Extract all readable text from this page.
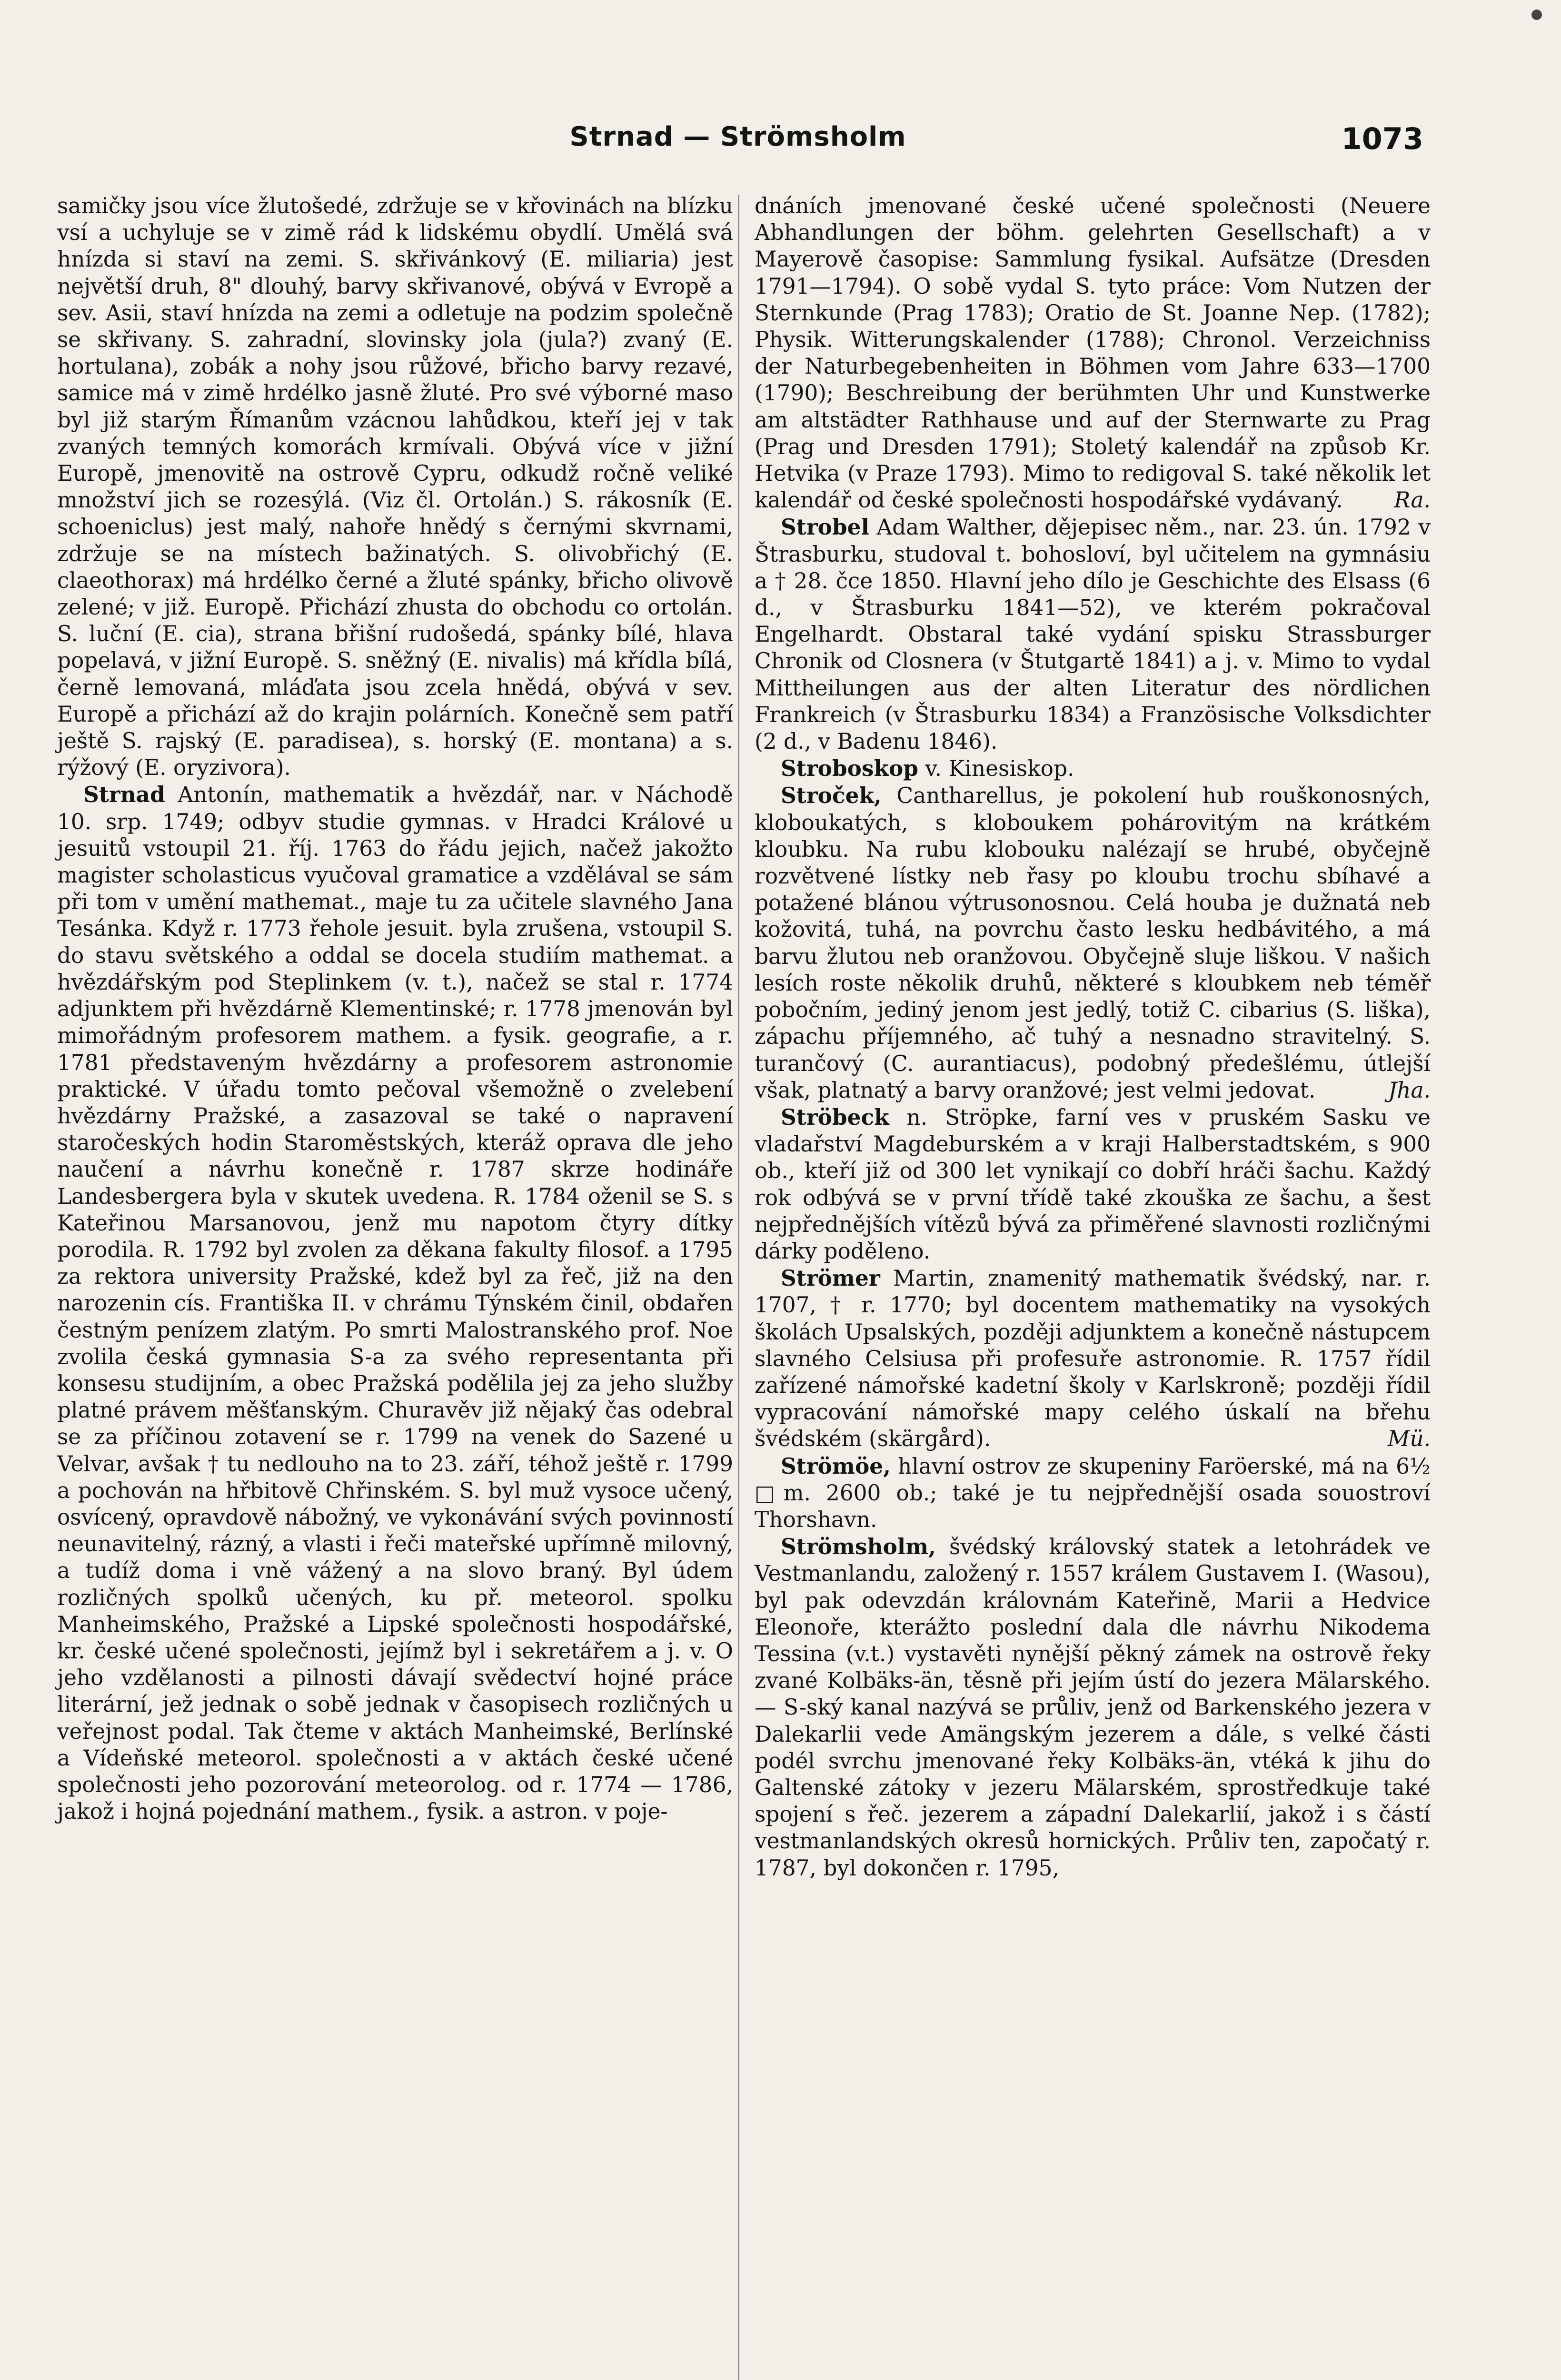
Strnad — Strömsholm	1073

samičky jsou více žlutošedé, zdržuje se v křovinách na blízku vsí a uchyluje se v zimě rád k lidskému obydlí. Umělá svá hnízda si staví na zemi. S. skřivánkový (E. miliaria) jest největší druh, 8" dlouhý, barvy skřivanové, obývá v Evropě a sev. Asii, staví hnízda na zemi a odletuje na podzim společně se skřivany. S. zahradní, slovinsky jola (jula?) zvaný (E. hortulana), zobák a nohy jsou růžové, břicho barvy rezavé, samice má v zimě hrdélko jasně žluté. Pro své výborné maso byl již starým Římanům vzácnou lahůdkou, kteří jej v tak zvaných temných komorách krmívali. Obývá více v jižní Europě, jmenovitě na ostrově Cypru, odkudž ročně veliké množství jich se rozesýlá. (Viz čl. Ortolán.) S. rákosník (E. schoeniclus) jest malý, nahoře hnědý s černými skvrnami, zdržuje se na místech bažinatých. S. olivobřichý (E. claeothorax) má hrdélko černé a žluté spánky, břicho olivově zelené; v již. Europě. Přichází zhusta do obchodu co ortolán. S. luční (E. cia), strana břišní rudošedá, spánky bílé, hlava popelavá, v jižní Europě. S. sněžný (E. nivalis) má křídla bílá, černě lemovaná, mláďata jsou zcela hnědá, obývá v sev. Europě a přichází až do krajin polárních. Konečně sem patří ještě S. rajský (E. paradisea), s. horský (E. montana) a s. rýžový (E. oryzivora).

Strnad Antonín, mathematik a hvězdář, nar. v Náchodě 10. srp. 1749; odbyv studie gymnas. v Hradci Králové u jesuitů vstoupil 21. říj. 1763 do řádu jejich, načež jakožto magister scholasticus vyučoval gramatice a vzdělával se sám při tom v umění mathemat., maje tu za učitele slavného Jana Tesánka. Když r. 1773 řehole jesuit. byla zrušena, vstoupil S. do stavu světského a oddal se docela studiím mathemat. a hvězdářským pod Steplinkem (v. t.), načež se stal r. 1774 adjunktem při hvězdárně Klementinské; r. 1778 jmenován byl mimořádným profesorem mathem. a fysik. geografie, a r. 1781 představeným hvězdárny a profesorem astronomie praktické. V úřadu tomto pečoval všemožně o zvelebení hvězdárny Pražské, a zasazoval se také o napravení staročeských hodin Staroměstských, kteráž oprava dle jeho naučení a návrhu konečně r. 1787 skrze hodináře Landesbergera byla v skutek uvedena. R. 1784 oženil se S. s Kateřinou Marsanovou, jenž mu napotom čtyry dítky porodila. R. 1792 byl zvolen za děkana fakulty filosof. a 1795 za rektora university Pražské, kdež byl za řeč, již na den narozenin cís. Františka II. v chrámu Týnském činil, obdařen čestným penízem zlatým. Po smrti Malostranského prof. Noe zvolila česká gymnasia S-a za svého representanta při konsesu studijním, a obec Pražská podělila jej za jeho služby platné právem měšťanským. Churavěv již nějaký čas odebral se za příčinou zotavení se r. 1799 na venek do Sazené u Velvar, avšak † tu nedlouho na to 23. září, téhož ještě r. 1799 a pochován na hřbitově Chřinském. S. byl muž vysoce učený, osvícený, opravdově nábožný, ve vykonávání svých povinností neunavitelný, rázný, a vlasti i řeči mateřské upřímně milovný, a tudíž doma i vně vážený a na slovo braný. Byl údem rozličných spolků učených, ku př. meteorol. spolku Manheimského, Pražské a Lipské společnosti hospodářské, kr. české učené společnosti, jejímž byl i sekretářem a j. v. O jeho vzdělanosti a pilnosti dávají svědectví hojné práce literární, jež jednak o sobě jednak v časopisech rozličných u veřejnost podal. Tak čteme v aktách Manheimské, Berlínské a Vídeňské meteorol. společnosti a v aktách české učené společnosti jeho pozorování meteorolog. od r. 1774 — 1786, jakož i hojná pojednání mathem., fysik. a astron. v poje-

dnáních jmenované české učené společnosti (Neuere Abhandlungen der böhm. gelehrten Gesellschaft) a v Mayerově časopise: Sammlung fysikal. Aufsätze (Dresden 1791—1794). O sobě vydal S. tyto práce: Vom Nutzen der Sternkunde (Prag 1783); Oratio de St. Joanne Nep. (1782); Physik. Witterungskalender (1788); Chronol. Verzeichniss der Naturbegebenheiten in Böhmen vom Jahre 633—1700 (1790); Beschreibung der berühmten Uhr und Kunstwerke am altstädter Rathhause und auf der Sternwarte zu Prag (Prag und Dresden 1791); Stoletý kalendář na způsob Kr. Hetvika (v Praze 1793). Mimo to redigoval S. také několik let kalendář od české společnosti hospodářské vydávaný. Ra.

Strobel Adam Walther, dějepisec něm., nar. 23. ún. 1792 v Štrasburku, studoval t. bohosloví, byl učitelem na gymnásiu a † 28. čce 1850. Hlavní jeho dílo je Geschichte des Elsass (6 d., v Štrasburku 1841—52), ve kterém pokračoval Engelhardt. Obstaral také vydání spisku Strassburger Chronik od Closnera (v Štutgartě 1841) a j. v. Mimo to vydal Mittheilungen aus der alten Literatur des nördlichen Frankreich (v Štrasburku 1834) a Französische Volksdichter (2 d., v Badenu 1846).

Stroboskop v. Kinesiskop.

Stroček, Cantharellus, je pokolení hub rouškonosných, kloboukatých, s kloboukem pohárovitým na krátkém kloubku. Na rubu klobouku nalézají se hrubé, obyčejně rozvětvené lístky neb řasy po kloubu trochu sbíhavé a potažené blánou výtrusonosnou. Celá houba je dužnatá neb kožovitá, tuhá, na povrchu často lesku hedbávitého, a má barvu žlutou neb oranžovou. Obyčejně sluje liškou. V našich lesích roste několik druhů, některé s kloubkem neb téměř pobočním, jediný jenom jest jedlý, totiž C. cibarius (S. liška), zápachu příjemného, ač tuhý a nesnadno stravitelný. S. turančový (C. aurantiacus), podobný předešlému, útlejší však, platnatý a barvy oranžové; jest velmi jedovat.	Jha.

Ströbeck n. Ströpke, farní ves v pruském Sasku ve vladařství Magdeburském a v kraji Halberstadtském, s 900 ob., kteří již od 300 let vynikají co dobří hráči šachu. Každý rok odbývá se v první třídě také zkouška ze šachu, a šest nejpřednějších vítězů bývá za přiměřené slavnosti rozličnými dárky poděleno.

Strömer Martin, znamenitý mathematik švédský, nar. r. 1707, † r. 1770; byl docentem mathematiky na vysokých školách Upsalských, později adjunktem a konečně nástupcem slavného Celsiusa při profesuře astronomie. R. 1757 řídil zařízené námořské kadetní školy v Karlskroně; později řídil vypracování námořské mapy celého úskalí na břehu švédském (skärgård).	Mü.

Strömöe, hlavní ostrov ze skupeniny Faröerské, má na 6½ □m. 2600 ob.; také je tu nejpřednější osada souostroví Thorshavn.

Strömsholm, švédský královský statek a letohrádek ve Vestmanlandu, založený r. 1557 králem Gustavem I. (Wasou), byl pak odevzdán královnám Kateřině, Marii a Hedvice Eleonoře, kterážto poslední dala dle návrhu Nikodema Tessina (v.t.) vystavěti nynější pěkný zámek na ostrově řeky zvané Kolbäks-än, těsně při jejím ústí do jezera Mälarského. — S-ský kanal nazývá se průliv, jenž od Barkenského jezera v Dalekarlii vede Amängským jezerem a dále, s velké části podél svrchu jmenované řeky Kolbäks-än, vtéká k jihu do Galtenské zátoky v jezeru Mälarském, sprostředkuje také spojení s řeč. jezerem a západní Dalekarlií, jakož i s částí vestmanlandských okresů hornických. Průliv ten, započatý r. 1787, byl dokončen r. 1795,
